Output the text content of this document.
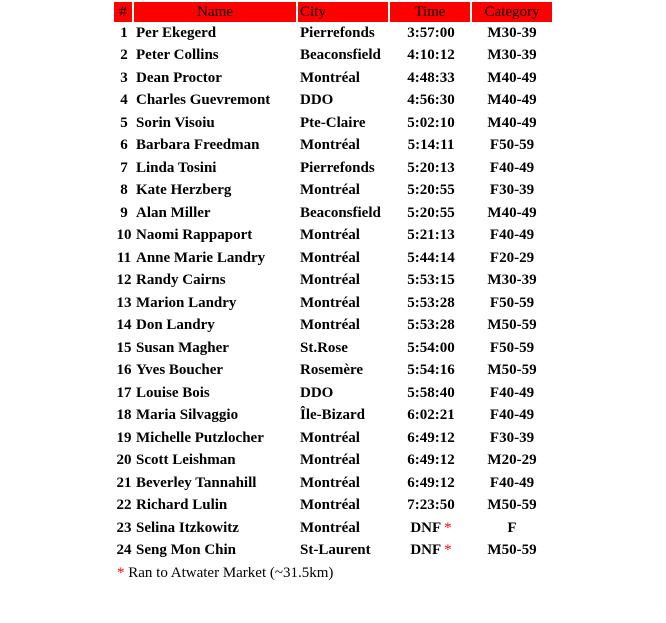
#	Name	City	Time	Category
1	Per Ekegerd	Pierrefonds	3:57:00	M30-39
2	Peter Collins	Beaconsfield	4:10:12	M30-39
3	Dean Proctor	Montréal	4:48:33	M40-49
4	Charles Guevremont	DDO	4:56:30	M40-49
5	Sorin Visoiu	Pte-Claire	5:02:10	M40-49
6	Barbara Freedman	Montréal	5:14:11	F50-59
7	Linda Tosini	Pierrefonds	5:20:13	F40-49
8	Kate Herzberg	Montréal	5:20:55	F30-39
9	Alan Miller	Beaconsfield	5:20:55	M40-49
10	Naomi Rappaport	Montréal	5:21:13	F40-49
11	Anne Marie Landry	Montréal	5:44:14	F20-29
12	Randy Cairns	Montréal	5:53:15	M30-39
13	Marion Landry	Montréal	5:53:28	F50-59
14	Don Landry	Montréal	5:53:28	M50-59
15	Susan Magher	St.Rose	5:54:00	F50-59
16	Yves Boucher	Rosemère	5:54:16	M50-59
17	Louise Bois	DDO	5:58:40	F40-49
18	Maria Silvaggio	Île-Bizard	6:02:21	F40-49
19	Michelle Putzlocher	Montréal	6:49:12	F30-39
20	Scott Leishman	Montréal	6:49:12	M20-29
21	Beverley Tannahill	Montréal	6:49:12	F40-49
22	Richard Lulin	Montréal	7:23:50	M50-59
23	Selina Itzkowitz	Montréal	DNF *	F
24	Seng Mon Chin	St-Laurent	DNF *	M50-59
* Ran to Atwater Market (~31.5km)
